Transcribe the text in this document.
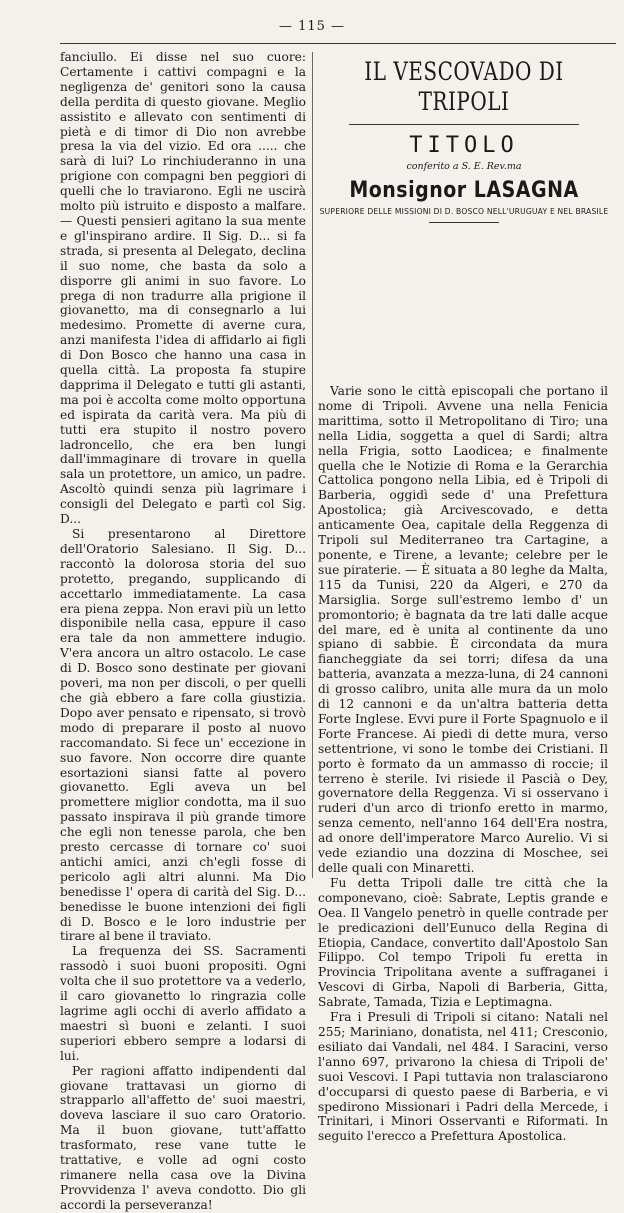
— 115 —

fanciullo. Ei disse nel suo cuore: Certamente i cattivi compagni e la negligenza de' genitori sono la causa della perdita di questo giovane. Meglio assistito e allevato con sentimenti di pietà e di timor di Dio non avrebbe presa la via del vizio. Ed ora ..... che sarà di lui? Lo rinchiuderanno in una prigione con compagni ben peggiori di quelli che lo traviarono. Egli ne uscirà molto più istruito e disposto a malfare. — Questi pensieri agitano la sua mente e gl'inspirano ardire. Il Sig. D... si fa strada, si presenta al Delegato, declina il suo nome, che basta da solo a disporre gli animi in suo favore. Lo prega di non tradurre alla prigione il giovanetto, ma di consegnarlo a lui medesimo. Promette di averne cura, anzi manifesta l'idea di affidarlo ai figli di Don Bosco che hanno una casa in quella città. La proposta fa stupire dapprima il Delegato e tutti gli astanti, ma poi è accolta come molto opportuna ed ispirata da carità vera. Ma più di tutti era stupito il nostro povero ladroncello, che era ben lungi dall'immaginare di trovare in quella sala un protettore, un amico, un padre. Ascoltò quindi senza più lagrimare i consigli del Delegato e partì col Sig. D...

Si presentarono al Direttore dell'Oratorio Salesiano. Il Sig. D... raccontò la dolorosa storia del suo protetto, pregando, supplicando di accettarlo immediatamente. La casa era piena zeppa. Non eravi più un letto disponibile nella casa, eppure il caso era tale da non ammettere indugio. V'era ancora un altro ostacolo. Le case di D. Bosco sono destinate per giovani poveri, ma non per discoli, o per quelli che già ebbero a fare colla giustizia. Dopo aver pensato e ripensato, si trovò modo di preparare il posto al nuovo raccomandato. Si fece un' eccezione in suo favore. Non occorre dire quante esortazioni siansi fatte al povero giovanetto. Egli aveva un bel promettere miglior condotta, ma il suo passato inspirava il più grande timore che egli non tenesse parola, che ben presto cercasse di tornare co' suoi antichi amici, anzi ch'egli fosse di pericolo agli altri alunni. Ma Dio benedisse l' opera di carità del Sig. D... benedisse le buone intenzioni dei figli di D. Bosco e le loro industrie per tirare al bene il traviato.

La frequenza dei SS. Sacramenti rassodò i suoi buoni propositi. Ogni volta che il suo protettore va a vederlo, il caro giovanetto lo ringrazia colle lagrime agli occhi di averlo affidato a maestri sì buoni e zelanti. I suoi superiori ebbero sempre a lodarsi di lui.

Per ragioni affatto indipendenti dal giovane trattavasi un giorno di strapparlo all'affetto de' suoi maestri, doveva lasciare il suo caro Oratorio. Ma il buon giovane, tutt'affatto trasformato, rese vane tutte le trattative, e volle ad ogni costo rimanere nella casa ove la Divina Provvidenza l' aveva condotto. Dio gli accordi la perseveranza!

IL VESCOVADO DI TRIPOLI
TITOLO
conferito a S. E. Rev.ma
Monsignor LASAGNA
SUPERIORE DELLE MISSIONI DI D. BOSCO NELL'URUGUAY E NEL BRASILE

Varie sono le città episcopali che portano il nome di Tripoli. Avvene una nella Fenicia marittima, sotto il Metropolitano di Tiro; una nella Lidia, soggetta a quel di Sardi; altra nella Frigia, sotto Laodicea; e finalmente quella che le Notizie di Roma e la Gerarchia Cattolica pongono nella Libia, ed è Tripoli di Barberia, oggidì sede d' una Prefettura Apostolica; già Arcivescovado, e detta anticamente Oea, capitale della Reggenza di Tripoli sul Mediterraneo tra Cartagine, a ponente, e Tirene, a levante; celebre per le sue piraterie. — È situata a 80 leghe da Malta, 115 da Tunisi, 220 da Algeri, e 270 da Marsiglia. Sorge sull'estremo lembo d' un promontorio; è bagnata da tre lati dalle acque del mare, ed è unita al continente da uno spiano di sabbie. È circondata da mura fiancheggiate da sei torri; difesa da una batteria, avanzata a mezza-luna, di 24 cannoni di grosso calibro, unita alle mura da un molo di 12 cannoni e da un'altra batteria detta Forte Inglese. Evvi pure il Forte Spagnuolo e il Forte Francese. Ai piedi di dette mura, verso settentrione, vi sono le tombe dei Cristiani. Il porto è formato da un ammasso di roccie; il terreno è sterile. Ivi risiede il Pascià o Dey, governatore della Reggenza. Vi si osservano i ruderi d'un arco di trionfo eretto in marmo, senza cemento, nell'anno 164 dell'Era nostra, ad onore dell'imperatore Marco Aurelio. Vi si vede eziandio una dozzina di Moschee, sei delle quali con Minaretti.

Fu detta Tripoli dalle tre città che la componevano, cioè: Sabrate, Leptis grande e Oea. Il Vangelo penetrò in quelle contrade per le predicazioni dell'Eunuco della Regina di Etiopia, Candace, convertito dall'Apostolo San Filippo. Col tempo Tripoli fu eretta in Provincia Tripolitana avente a suffraganei i Vescovi di Girba, Napoli di Barberia, Gitta, Sabrate, Tamada, Tizia e Leptimagna.

Fra i Presuli di Tripoli si citano: Natali nel 255; Mariniano, donatista, nel 411; Cresconio, esiliato dai Vandali, nel 484. I Saracini, verso l'anno 697, privarono la chiesa di Tripoli de' suoi Vescovi. I Papi tuttavia non tralasciarono d'occuparsi di questo paese di Barberia, e vi spedirono Missionari i Padri della Mercede, i Trinitari, i Minori Osservanti e Riformati. In seguito l'erессо a Prefettura Apostolica.
